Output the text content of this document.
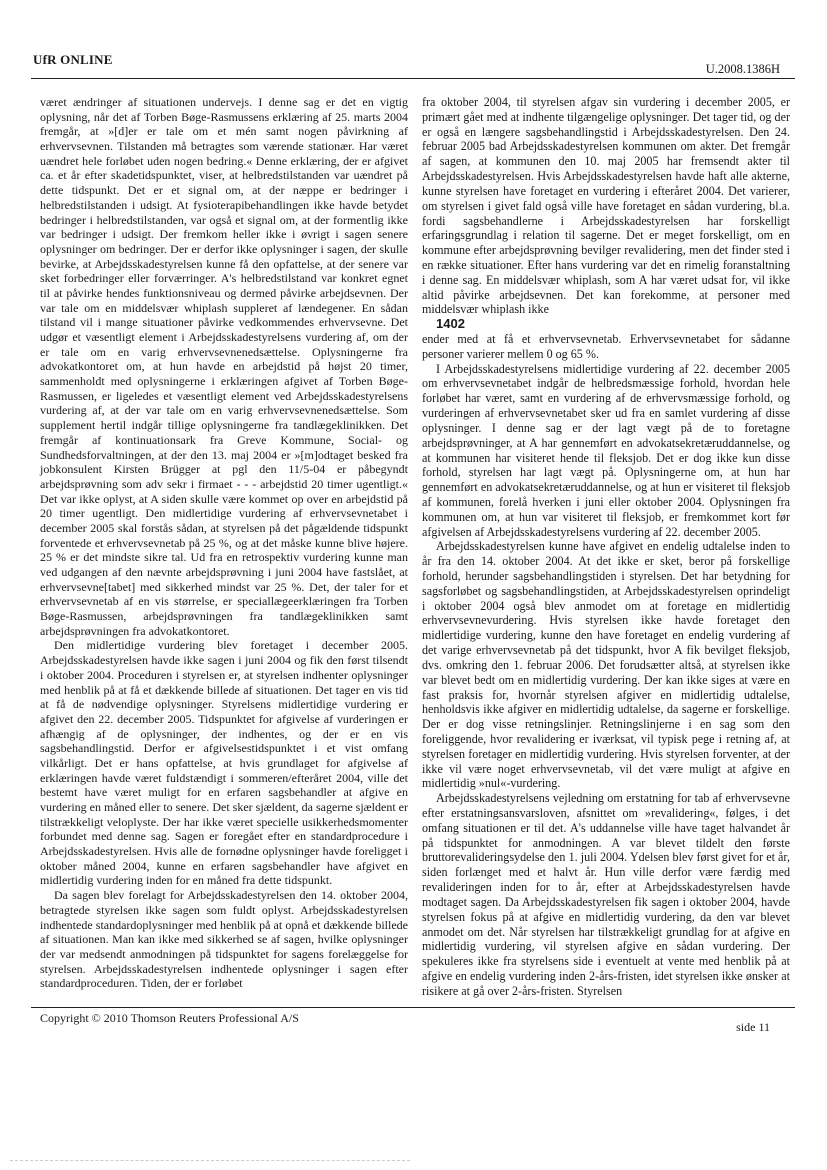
UfR ONLINE
U.2008.1386H

været ændringer af situationen undervejs. I denne sag er det en vigtig oplysning, når det af Torben Bøge-Rasmussens erklæring af 25. marts 2004 fremgår, at »[d]er er tale om et mén samt nogen påvirkning af erhvervsevnen. Tilstanden må betragtes som værende stationær. Har været uændret hele forløbet uden nogen bedring.« Denne erklæring, der er afgivet ca. et år efter skadetidspunktet, viser, at helbredstilstanden var uændret på dette tidspunkt. Det er et signal om, at der næppe er bedringer i helbredstilstanden i udsigt. At fysioterapibehandlingen ikke havde betydet bedringer i helbredstilstanden, var også et signal om, at der formentlig ikke var bedringer i udsigt. Der fremkom heller ikke i øvrigt i sagen senere oplysninger om bedringer. Der er derfor ikke oplysninger i sagen, der skulle bevirke, at Arbejdsskadestyrelsen kunne få den opfattelse, at der senere var sket forbedringer eller forværringer. A's helbredstilstand var konkret egnet til at påvirke hendes funktionsniveau og dermed påvirke arbejdsevnen. Der var tale om en middelsvær whiplash suppleret af lændegener. En sådan tilstand vil i mange situationer påvirke vedkommendes erhvervsevne. Det udgør et væsentligt element i Arbejdsskadestyrelsens vurdering af, om der er tale om en varig erhvervsevnenedsættelse. Oplysningerne fra advokatkontoret om, at hun havde en arbejdstid på højst 20 timer, sammenholdt med oplysningerne i erklæringen afgivet af Torben Bøge-Rasmussen, er ligeledes et væsentligt element ved Arbejdsskadestyrelsens vurdering af, at der var tale om en varig erhvervsevnenedsættelse. Som supplement hertil indgår tillige oplysningerne fra tandlægeklinikken. Det fremgår af kontinuationsark fra Greve Kommune, Social- og Sundhedsforvaltningen, at der den 13. maj 2004 er »[m]odtaget besked fra jobkonsulent Kirsten Brügger at pgl den 11/5-04 er påbegyndt arbejdsprøvning som adv sekr i firmaet - - - arbejdstid 20 timer ugentligt.« Det var ikke oplyst, at A siden skulle være kommet op over en arbejdstid på 20 timer ugentligt. Den midlertidige vurdering af erhvervsevnetabet i december 2005 skal forstås sådan, at styrelsen på det pågældende tidspunkt forventede et erhvervsevnetab på 25 %, og at det måske kunne blive højere. 25 % er det mindste sikre tal. Ud fra en retrospektiv vurdering kunne man ved udgangen af den nævnte arbejdsprøvning i juni 2004 have fastslået, at erhvervsevne[tabet] med sikkerhed mindst var 25 %. Det, der taler for et erhvervsevnetab af en vis størrelse, er speciallægeerklæringen fra Torben Bøge-Rasmussen, arbejdsprøvningen fra tandlægeklinikken samt arbejdsprøvningen fra advokatkontoret.

Den midlertidige vurdering blev foretaget i december 2005. Arbejdsskadestyrelsen havde ikke sagen i juni 2004 og fik den først tilsendt i oktober 2004. Proceduren i styrelsen er, at styrelsen indhenter oplysninger med henblik på at få et dækkende billede af situationen. Det tager en vis tid at få de nødvendige oplysninger. Styrelsens midlertidige vurdering er afgivet den 22. december 2005. Tidspunktet for afgivelse af vurderingen er afhængig af de oplysninger, der indhentes, og der er en vis sagsbehandlingstid. Derfor er afgivelsestidspunktet i et vist omfang vilkårligt. Det er hans opfattelse, at hvis grundlaget for afgivelse af erklæringen havde været fuldstændigt i sommeren/efteråret 2004, ville det bestemt have været muligt for en erfaren sagsbehandler at afgive en vurdering en måned eller to senere. Det sker sjældent, da sagerne sjældent er tilstrækkeligt veloplyste. Der har ikke været specielle usikkerhedsmomenter forbundet med denne sag. Sagen er foregået efter en standardprocedure i Arbejdsskadestyrelsen. Hvis alle de fornødne oplysninger havde foreligget i oktober måned 2004, kunne en erfaren sagsbehandler have afgivet en midlertidig vurdering inden for en måned fra dette tidspunkt.

Da sagen blev forelagt for Arbejdsskadestyrelsen den 14. oktober 2004, betragtede styrelsen ikke sagen som fuldt oplyst. Arbejdsskadestyrelsen indhentede standardoplysninger med henblik på at opnå et dækkende billede af situationen. Man kan ikke med sikkerhed se af sagen, hvilke oplysninger der var medsendt anmodningen på tidspunktet for sagens forelæggelse for styrelsen. Arbejdsskadestyrelsen indhentede oplysninger i sagen efter standardproceduren. Tiden, der er forløbet

fra oktober 2004, til styrelsen afgav sin vurdering i december 2005, er primært gået med at indhente tilgængelige oplysninger. Det tager tid, og der er også en længere sagsbehandlingstid i Arbejdsskadestyrelsen. Den 24. februar 2005 bad Arbejdsskadestyrelsen kommunen om akter. Det fremgår af sagen, at kommunen den 10. maj 2005 har fremsendt akter til Arbejdsskadestyrelsen. Hvis Arbejdsskadestyrelsen havde haft alle akterne, kunne styrelsen have foretaget en vurdering i efteråret 2004. Det varierer, om styrelsen i givet fald også ville have foretaget en sådan vurdering, bl.a. fordi sagsbehandlerne i Arbejdsskadestyrelsen har forskelligt erfaringsgrundlag i relation til sagerne. Det er meget forskelligt, om en kommune efter arbejdsprøvning bevilger revalidering, men det finder sted i en række situationer. Efter hans vurdering var det en rimelig foranstaltning i denne sag. En middelsvær whiplash, som A har været udsat for, vil ikke altid påvirke arbejdsevnen. Det kan forekomme, at personer med middelsvær whiplash ikke

1402

ender med at få et erhvervsevnetab. Erhvervsevnetabet for sådanne personer varierer mellem 0 og 65 %.

I Arbejdsskadestyrelsens midlertidige vurdering af 22. december 2005 om erhvervsevnetabet indgår de helbredsmæssige forhold, hvordan hele forløbet har været, samt en vurdering af de erhvervsmæssige forhold, og vurderingen af erhvervsevnetabet sker ud fra en samlet vurdering af disse oplysninger. I denne sag er der lagt vægt på de to foretagne arbejdsprøvninger, at A har gennemført en advokatsekretæruddannelse, og at kommunen har visiteret hende til fleksjob. Det er dog ikke kun disse forhold, styrelsen har lagt vægt på. Oplysningerne om, at hun har gennemført en advokatsekretæruddannelse, og at hun er visiteret til fleksjob af kommunen, forelå hverken i juni eller oktober 2004. Oplysningen fra kommunen om, at hun var visiteret til fleksjob, er fremkommet kort før afgivelsen af Arbejdsskadestyrelsens vurdering af 22. december 2005.

Arbejdsskadestyrelsen kunne have afgivet en endelig udtalelse inden to år fra den 14. oktober 2004. At det ikke er sket, beror på forskellige forhold, herunder sagsbehandlingstiden i styrelsen. Det har betydning for sagsforløbet og sagsbehandlingstiden, at Arbejdsskadestyrelsen oprindeligt i oktober 2004 også blev anmodet om at foretage en midlertidig erhvervsevnevurdering. Hvis styrelsen ikke havde foretaget den midlertidige vurdering, kunne den have foretaget en endelig vurdering af det varige erhvervsevnetab på det tidspunkt, hvor A fik bevilget fleksjob, dvs. omkring den 1. februar 2006. Det forudsætter altså, at styrelsen ikke var blevet bedt om en midlertidig vurdering. Der kan ikke siges at være en fast praksis for, hvornår styrelsen afgiver en midlertidig udtalelse, henholdsvis ikke afgiver en midlertidig udtalelse, da sagerne er forskellige. Der er dog visse retningslinjer. Retningslinjerne i en sag som den foreliggende, hvor revalidering er iværksat, vil typisk pege i retning af, at styrelsen foretager en midlertidig vurdering. Hvis styrelsen forventer, at der ikke vil være noget erhvervsevnetab, vil det være muligt at afgive en midlertidig »nul«-vurdering.

Arbejdsskadestyrelsens vejledning om erstatning for tab af erhvervsevne efter erstatningsansvarsloven, afsnittet om »revalidering«, følges, i det omfang situationen er til det. A's uddannelse ville have taget halvandet år på tidspunktet for anmodningen. A var blevet tildelt den første bruttorevalideringsydelse den 1. juli 2004. Ydelsen blev først givet for et år, siden forlænget med et halvt år. Hun ville derfor være færdig med revalideringen inden for to år, efter at Arbejdsskadestyrelsen havde modtaget sagen. Da Arbejdsskadestyrelsen fik sagen i oktober 2004, havde styrelsen fokus på at afgive en midlertidig vurdering, da den var blevet anmodet om det. Når styrelsen har tilstrækkeligt grundlag for at afgive en midlertidig vurdering, vil styrelsen afgive en sådan vurdering. Der spekuleres ikke fra styrelsens side i eventuelt at vente med henblik på at afgive en endelig vurdering inden 2-års-fristen, idet styrelsen ikke ønsker at risikere at gå over 2-års-fristen. Styrelsen

Copyright © 2010 Thomson Reuters Professional A/S
side 11
